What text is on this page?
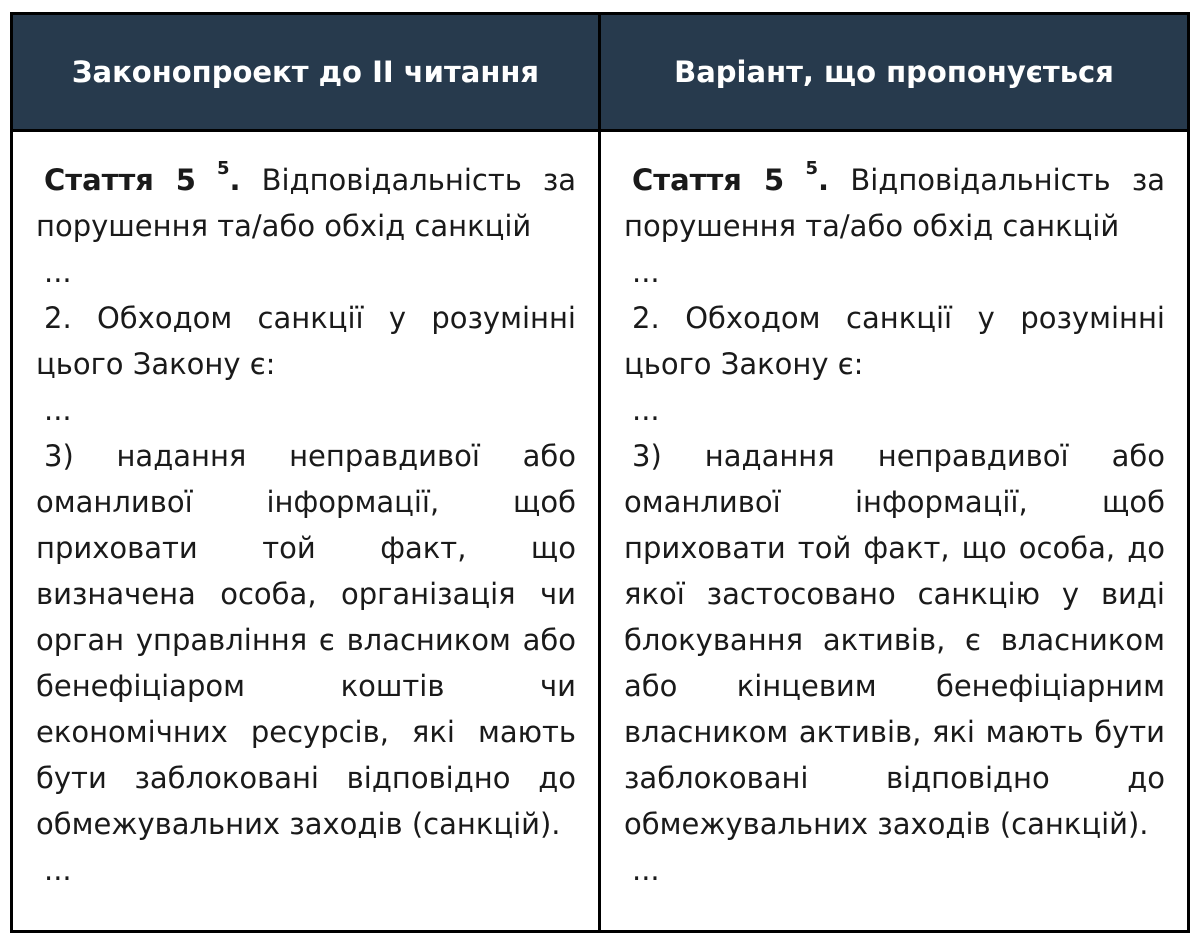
Законопроект до II читання	Варіант, що пропонується

Стаття 5 $^5$. Відповідальність за порушення та/або обхід санкцій

...

2. Обходом санкції у розумінні цього Закону є:

...

3) надання неправдивої або оманливої інформації, щоб приховати той факт, що визначена особа, організація чи орган управління є власником або бенефіціаром коштів чи економічних ресурсів, які мають бути заблоковані відповідно до обмежувальних заходів (санкцій).

...

Стаття 5 $^5$. Відповідальність за порушення та/або обхід санкцій

...

2. Обходом санкції у розумінні цього Закону є:

...

3) надання неправдивої або оманливої інформації, щоб приховати той факт, що особа, до якої застосовано санкцію у виді блокування активів, є власником або кінцевим бенефіціарним власником активів, які мають бути заблоковані відповідно до обмежувальних заходів (санкцій).

...
